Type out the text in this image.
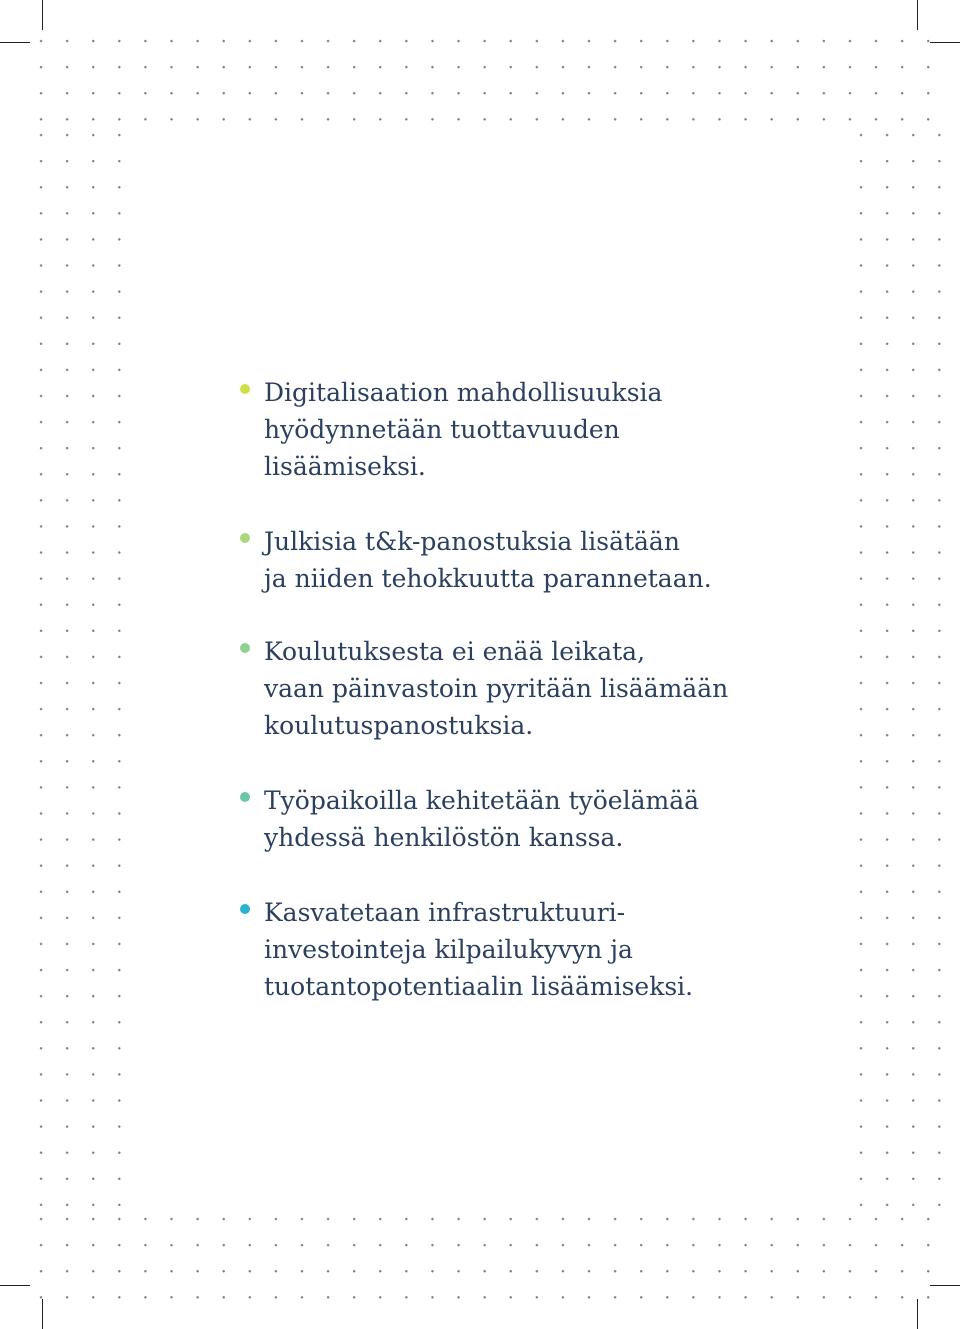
Digitalisaation mahdollisuuksia
hyödynnetään tuottavuuden
lisäämiseksi.
Julkisia t&k-panostuksia lisätään
ja niiden tehokkuutta parannetaan.
Koulutuksesta ei enää leikata,
vaan päinvastoin pyritään lisäämään
koulutuspanostuksia.
Työpaikoilla kehitetään työelämää
yhdessä henkilöstön kanssa.
Kasvatetaan infrastruktuuri-
investointeja kilpailukyvyn ja
tuotantopotentiaalin lisäämiseksi.
